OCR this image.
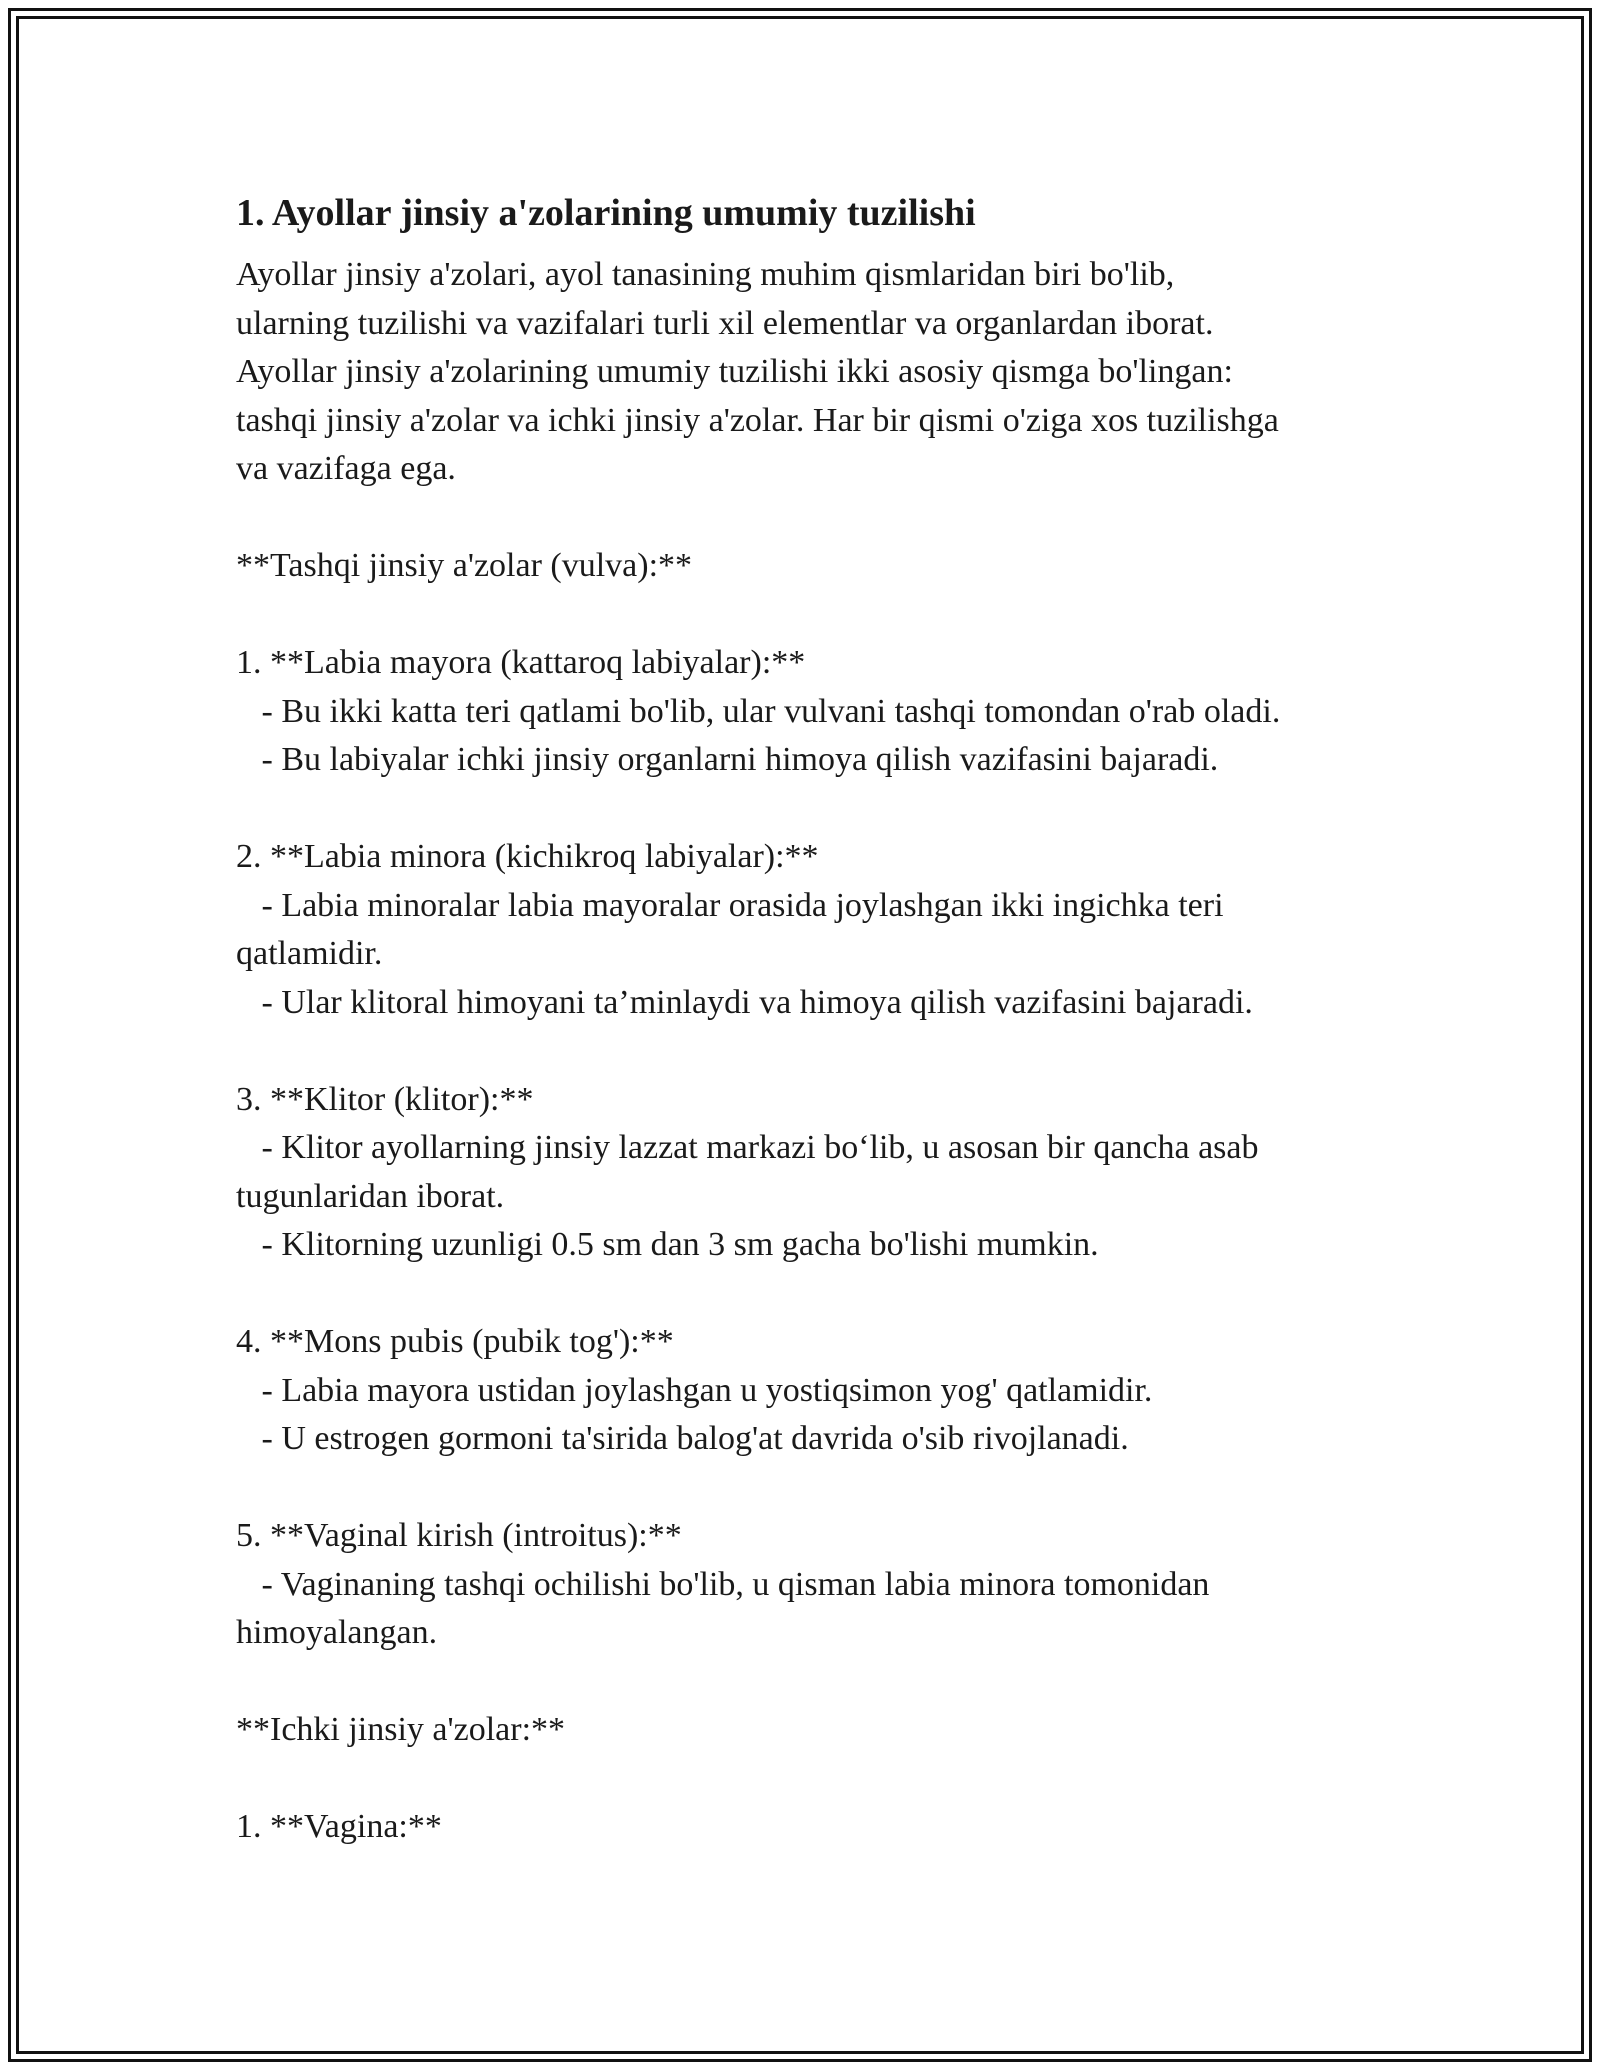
1. Ayollar jinsiy a'zolarining umumiy tuzilishi
Ayollar jinsiy a'zolari, ayol tanasining muhim qismlaridan biri bo'lib,
ularning tuzilishi va vazifalari turli xil elementlar va organlardan iborat.
Ayollar jinsiy a'zolarining umumiy tuzilishi ikki asosiy qismga bo'lingan:
tashqi jinsiy a'zolar va ichki jinsiy a'zolar. Har bir qismi o'ziga xos tuzilishga
va vazifaga ega.
**Tashqi jinsiy a'zolar (vulva):**
1. **Labia mayora (kattaroq labiyalar):**
- Bu ikki katta teri qatlami bo'lib, ular vulvani tashqi tomondan o'rab oladi.
- Bu labiyalar ichki jinsiy organlarni himoya qilish vazifasini bajaradi.
2. **Labia minora (kichikroq labiyalar):**
- Labia minoralar labia mayoralar orasida joylashgan ikki ingichka teri
qatlamidir.
- Ular klitoral himoyani ta’minlaydi va himoya qilish vazifasini bajaradi.
3. **Klitor (klitor):**
- Klitor ayollarning jinsiy lazzat markazi bo‘lib, u asosan bir qancha asab
tugunlaridan iborat.
- Klitorning uzunligi 0.5 sm dan 3 sm gacha bo'lishi mumkin.
4. **Mons pubis (pubik tog'):**
- Labia mayora ustidan joylashgan u yostiqsimon yog' qatlamidir.
- U estrogen gormoni ta'sirida balog'at davrida o'sib rivojlanadi.
5. **Vaginal kirish (introitus):**
- Vaginaning tashqi ochilishi bo'lib, u qisman labia minora tomonidan
himoyalangan.
**Ichki jinsiy a'zolar:**
1. **Vagina:**
